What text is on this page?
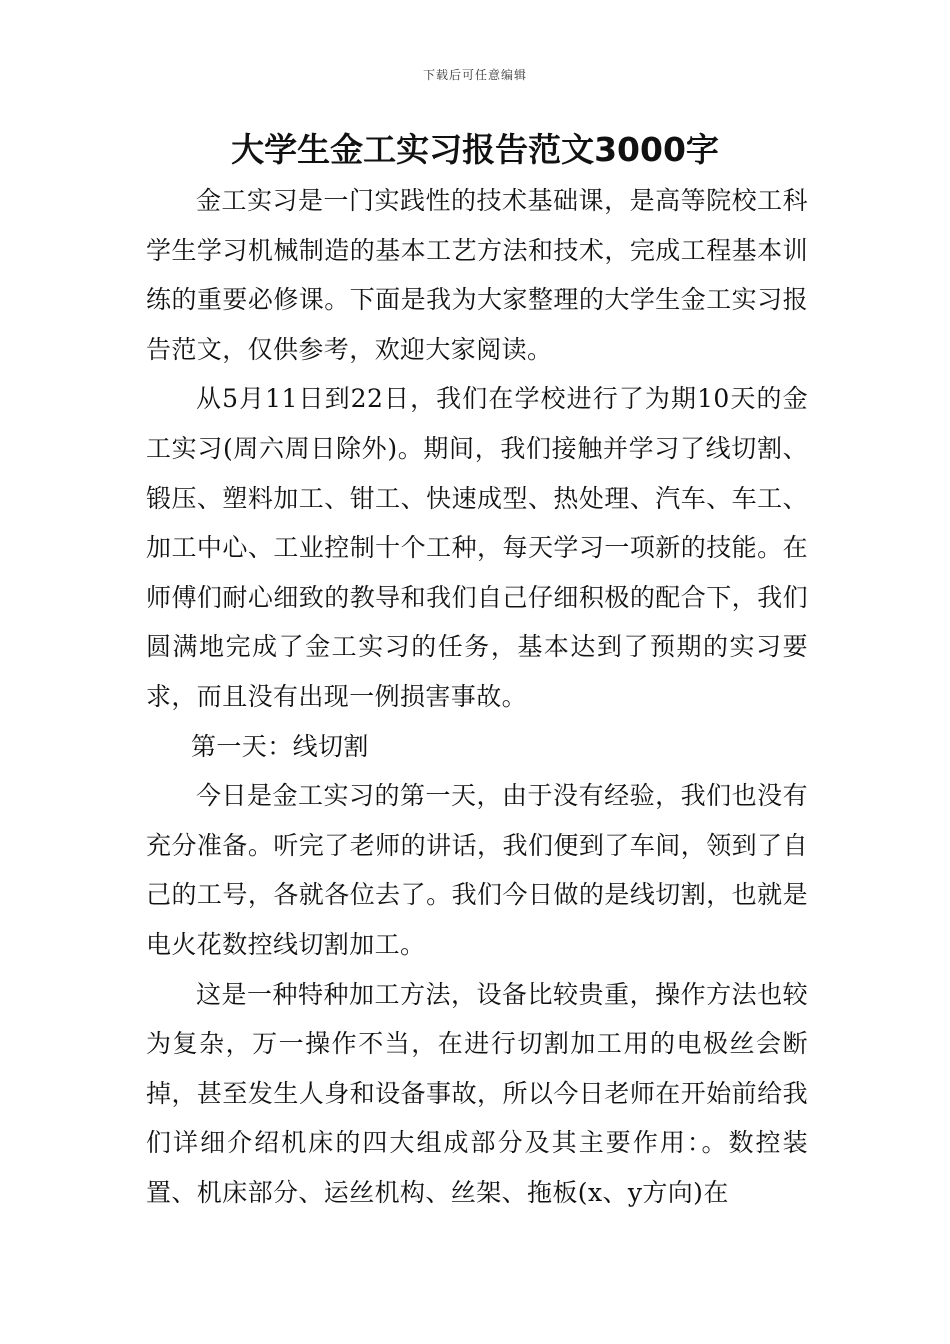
下载后可任意编辑
大学生金工实习报告范文3000字

金工实习是一门实践性的技术基础课，是高等院校工科学生学习机械制造的基本工艺方法和技术，完成工程基本训练的重要必修课。下面是我为大家整理的大学生金工实习报告范文，仅供参考，欢迎大家阅读。

从5月11日到22日，我们在学校进行了为期10天的金工实习(周六周日除外)。期间，我们接触并学习了线切割、锻压、塑料加工、钳工、快速成型、热处理、汽车、车工、加工中心、工业控制十个工种，每天学习一项新的技能。在师傅们耐心细致的教导和我们自己仔细积极的配合下，我们圆满地完成了金工实习的任务，基本达到了预期的实习要求，而且没有出现一例损害事故。

第一天：线切割

今日是金工实习的第一天，由于没有经验，我们也没有充分准备。听完了老师的讲话，我们便到了车间，领到了自己的工号，各就各位去了。我们今日做的是线切割，也就是电火花数控线切割加工。

这是一种特种加工方法，设备比较贵重，操作方法也较为复杂，万一操作不当，在进行切割加工用的电极丝会断掉，甚至发生人身和设备事故，所以今日老师在开始前给我们详细介绍机床的四大组成部分及其主要作用：。数控装置、机床部分、运丝机构、丝架、拖板(x、y方向)在
